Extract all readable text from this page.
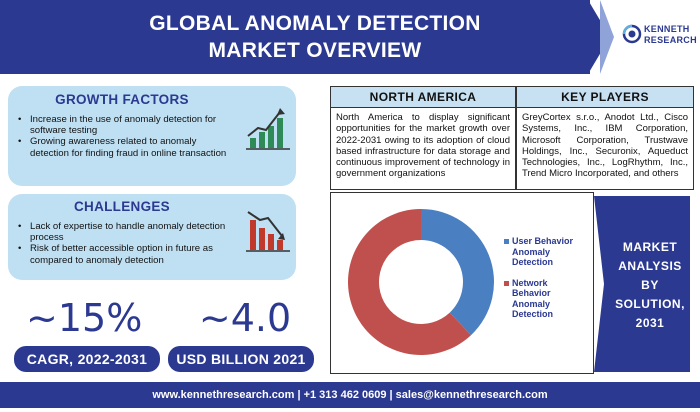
GLOBAL ANOMALY DETECTION
MARKET OVERVIEW
KENNETH
RESEARCH
GROWTH FACTORS
• Increase in the use of anomaly detection for software testing
• Growing awareness related to anomaly detection for finding fraud in online transaction
CHALLENGES
• Lack of expertise to handle anomaly detection process
• Risk of better accessible option in future as compared to anomaly detection
~15%
CAGR, 2022-2031
~4.0
USD BILLION 2021
NORTH AMERICA
North America to display significant opportunities for the market growth over 2022-2031 owing to its adoption of cloud based infrastructure for data storage and continuous improvement of technology in government organizations
KEY PLAYERS
GreyCortex s.r.o., Anodot Ltd., Cisco Systems, Inc., IBM Corporation, Microsoft Corporation, Trustwave Holdings, Inc., Securonix, Aqueduct Technologies, Inc., LogRhythm, Inc., Trend Micro Incorporated, and others
User Behavior
Anomaly
Detection
Network
Behavior
Anomaly
Detection
MARKET
ANALYSIS
BY
SOLUTION,
2031
www.kennethresearch.com | +1 313 462 0609 | sales@kennethresearch.com
